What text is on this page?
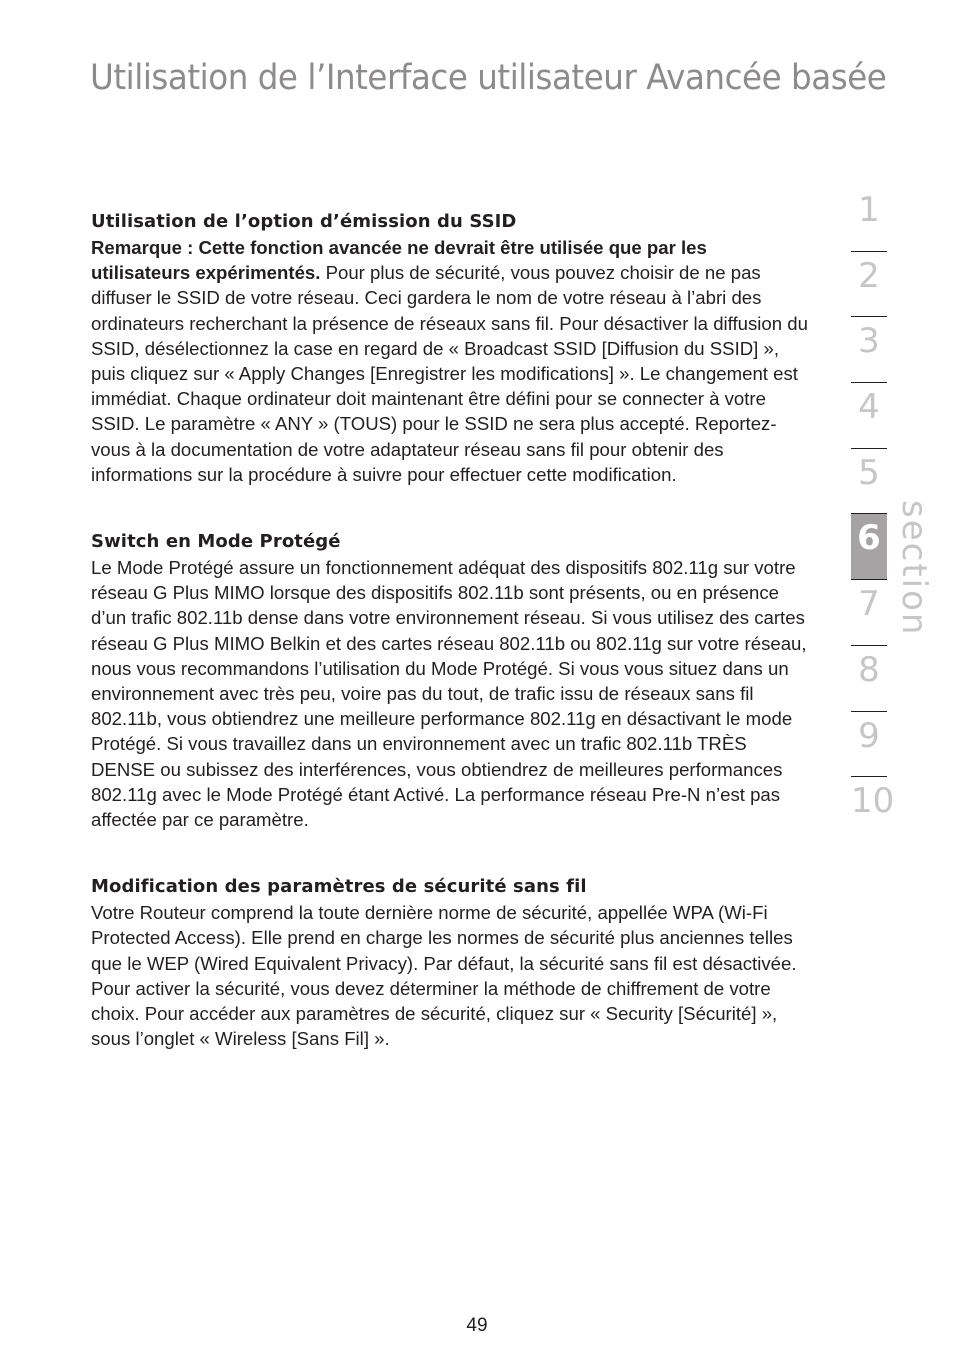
Utilisation de l’Interface utilisateur Avancée basée
Utilisation de l’option d’émission du SSID

Remarque : Cette fonction avancée ne devrait être utilisée que par les utilisateurs expérimentés. Pour plus de sécurité, vous pouvez choisir de ne pas diffuser le SSID de votre réseau. Ceci gardera le nom de votre réseau à l’abri des ordinateurs recherchant la présence de réseaux sans fil. Pour désactiver la diffusion du SSID, désélectionnez la case en regard de « Broadcast SSID [Diffusion du SSID] », puis cliquez sur « Apply Changes [Enregistrer les modifications] ». Le changement est immédiat. Chaque ordinateur doit maintenant être défini pour se connecter à votre SSID. Le paramètre « ANY » (TOUS) pour le SSID ne sera plus accepté. Reportez-vous à la documentation de votre adaptateur réseau sans fil pour obtenir des informations sur la procédure à suivre pour effectuer cette modification.

Switch en Mode Protégé

Le Mode Protégé assure un fonctionnement adéquat des dispositifs 802.11g sur votre réseau G Plus MIMO lorsque des dispositifs 802.11b sont présents, ou en présence d’un trafic 802.11b dense dans votre environnement réseau. Si vous utilisez des cartes réseau G Plus MIMO Belkin et des cartes réseau 802.11b ou 802.11g sur votre réseau, nous vous recommandons l’utilisation du Mode Protégé. Si vous vous situez dans un environnement avec très peu, voire pas du tout, de trafic issu de réseaux sans fil 802.11b, vous obtiendrez une meilleure performance 802.11g en désactivant le mode Protégé. Si vous travaillez dans un environnement avec un trafic 802.11b TRÈS DENSE ou subissez des interférences, vous obtiendrez de meilleures performances 802.11g avec le Mode Protégé étant Activé. La performance réseau Pre-N n’est pas affectée par ce paramètre.

Modification des paramètres de sécurité sans fil

Votre Routeur comprend la toute dernière norme de sécurité, appellée WPA (Wi-Fi Protected Access). Elle prend en charge les normes de sécurité plus anciennes telles que le WEP (Wired Equivalent Privacy). Par défaut, la sécurité sans fil est désactivée. Pour activer la sécurité, vous devez déterminer la méthode de chiffrement de votre choix. Pour accéder aux paramètres de sécurité, cliquez sur « Security [Sécurité] », sous l’onglet « Wireless [Sans Fil] ».

1
2
3
4
5
6
7
8
9
10
section
49
